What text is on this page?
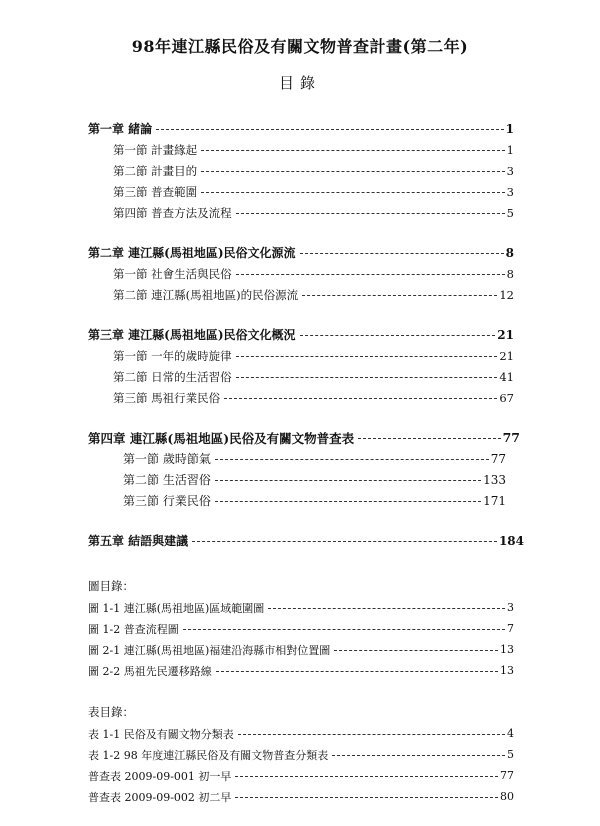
98年連江縣民俗及有關文物普查計畫(第二年)
目錄
第一章 緒論	1
第一節 計畫緣起	1
第二節 計畫目的	3
第三節 普查範圍	3
第四節 普查方法及流程	5
第二章 連江縣(馬祖地區)民俗文化源流	8
第一節 社會生活與民俗	8
第二節 連江縣(馬祖地區)的民俗源流	12
第三章 連江縣(馬祖地區)民俗文化概況	21
第一節 一年的歲時旋律	21
第二節 日常的生活習俗	41
第三節 馬祖行業民俗	67
第四章 連江縣(馬祖地區)民俗及有關文物普查表	77
第一節 歲時節氣	77
第二節 生活習俗	133
第三節 行業民俗	171
第五章 結語與建議	184
圖目錄：
圖 1-1 連江縣(馬祖地區)區域範圍圖	3
圖 1-2 普查流程圖	7
圖 2-1 連江縣(馬祖地區)福建沿海縣市相對位置圖	13
圖 2-2 馬祖先民遷移路線	13
表目錄：
表 1-1 民俗及有關文物分類表	4
表 1-2 98 年度連江縣民俗及有關文物普查分類表	5
普查表 2009-09-001 初一早	77
普查表 2009-09-002 初二早	80
